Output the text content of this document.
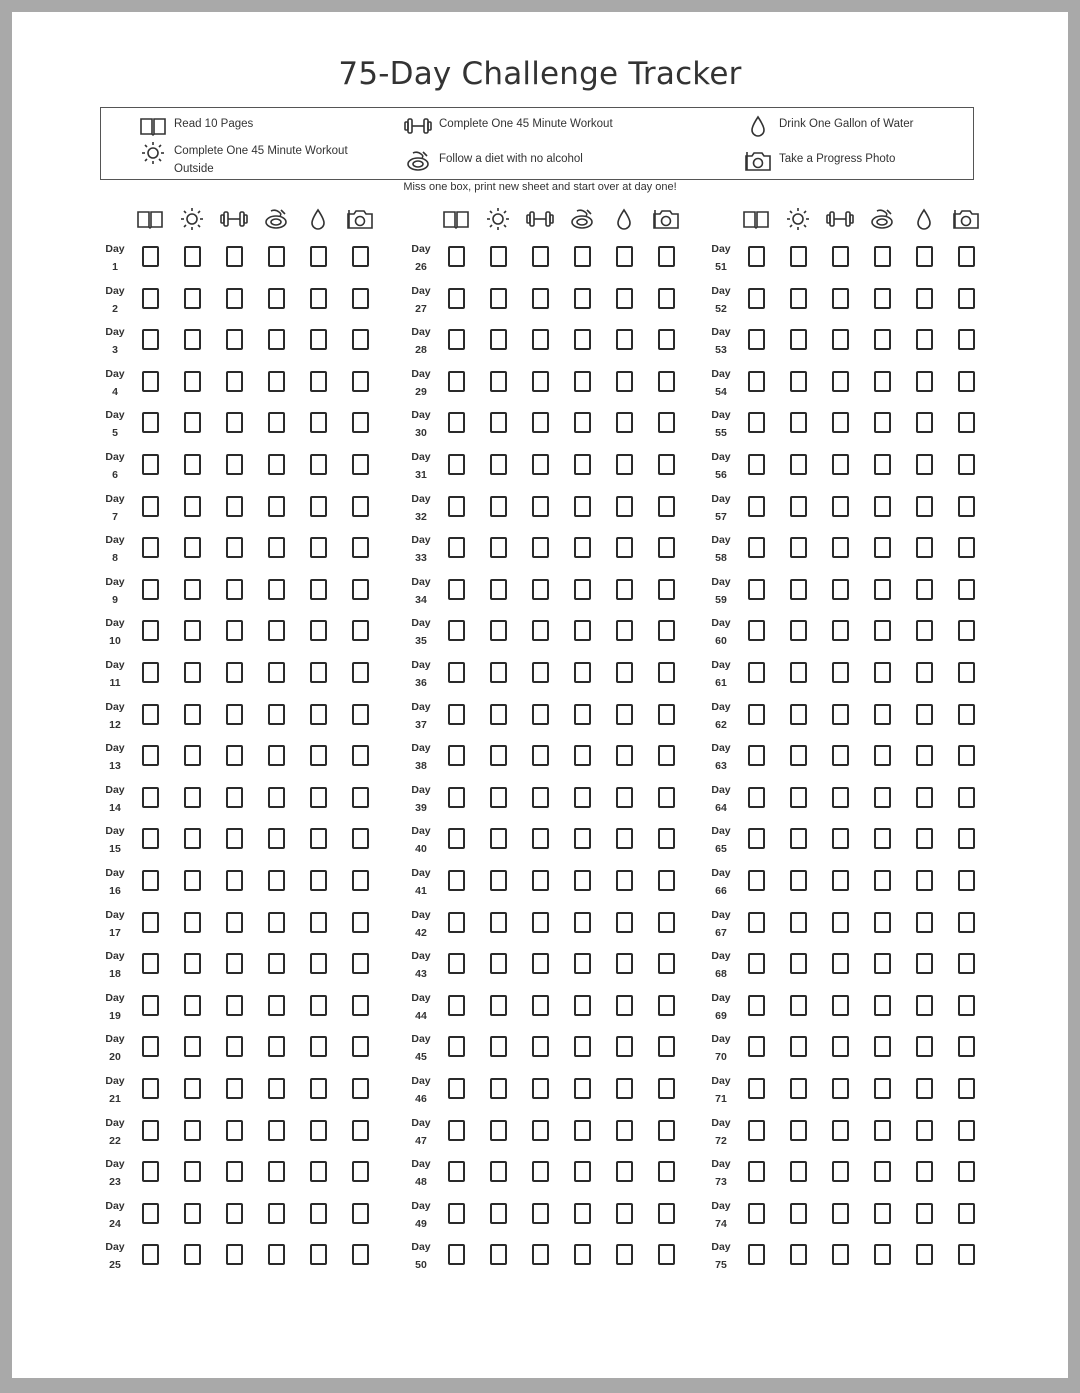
75-Day Challenge Tracker
Read 10 Pages	Complete One 45 Minute Workout	Drink One Gallon of Water
Complete One 45 Minute Workout
Outside
Follow a diet with no alcohol	Take a Progress Photo
Miss one box, print new sheet and start over at day one!
Day
1
Day
2
Day
3
Day
4
Day
5
Day
6
Day
7
Day
8
Day
9
Day
10
Day
11
Day
12
Day
13
Day
14
Day
15
Day
16
Day
17
Day
18
Day
19
Day
20
Day
21
Day
22
Day
23
Day
24
Day
25
Day
26
Day
27
Day
28
Day
29
Day
30
Day
31
Day
32
Day
33
Day
34
Day
35
Day
36
Day
37
Day
38
Day
39
Day
40
Day
41
Day
42
Day
43
Day
44
Day
45
Day
46
Day
47
Day
48
Day
49
Day
50
Day
51
Day
52
Day
53
Day
54
Day
55
Day
56
Day
57
Day
58
Day
59
Day
60
Day
61
Day
62
Day
63
Day
64
Day
65
Day
66
Day
67
Day
68
Day
69
Day
70
Day
71
Day
72
Day
73
Day
74
Day
75
